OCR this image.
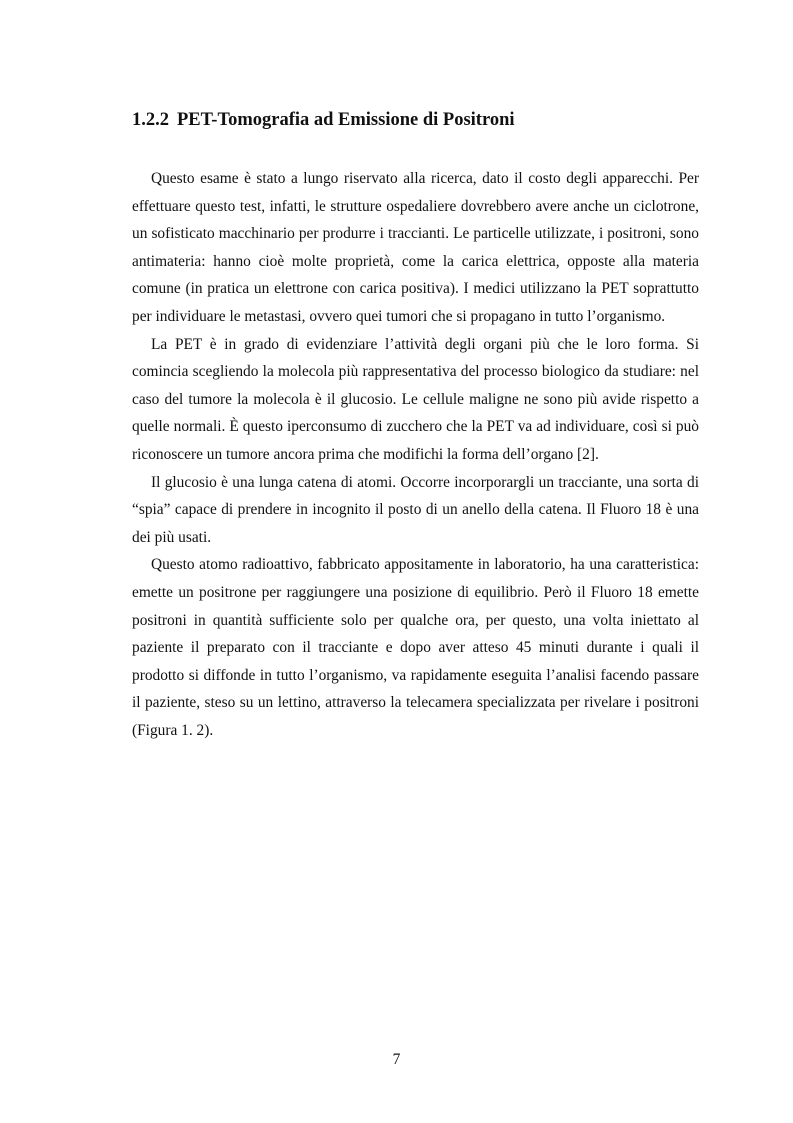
1.2.2 PET-Tomografia ad Emissione di Positroni

Questo esame è stato a lungo riservato alla ricerca, dato il costo degli apparecchi. Per effettuare questo test, infatti, le strutture ospedaliere dovrebbero avere anche un ciclotrone, un sofisticato macchinario per produrre i traccianti. Le particelle utilizzate, i positroni, sono antimateria: hanno cioè molte proprietà, come la carica elettrica, opposte alla materia comune (in pratica un elettrone con carica positiva). I medici utilizzano la PET soprattutto per individuare le metastasi, ovvero quei tumori che si propagano in tutto l’organismo.

La PET è in grado di evidenziare l’attività degli organi più che le loro forma. Si comincia scegliendo la molecola più rappresentativa del processo biologico da studiare: nel caso del tumore la molecola è il glucosio. Le cellule maligne ne sono più avide rispetto a quelle normali. È questo iperconsumo di zucchero che la PET va ad individuare, così si può riconoscere un tumore ancora prima che modifichi la forma dell’organo [2].

Il glucosio è una lunga catena di atomi. Occorre incorporargli un tracciante, una sorta di “spia” capace di prendere in incognito il posto di un anello della catena. Il Fluoro 18 è una dei più usati.

Questo atomo radioattivo, fabbricato appositamente in laboratorio, ha una caratteristica: emette un positrone per raggiungere una posizione di equilibrio. Però il Fluoro 18 emette positroni in quantità sufficiente solo per qualche ora, per questo, una volta iniettato al paziente il preparato con il tracciante e dopo aver atteso 45 minuti durante i quali il prodotto si diffonde in tutto l’organismo, va rapidamente eseguita l’analisi facendo passare il paziente, steso su un lettino, attraverso la telecamera specializzata per rivelare i positroni (Figura 1. 2).

7
